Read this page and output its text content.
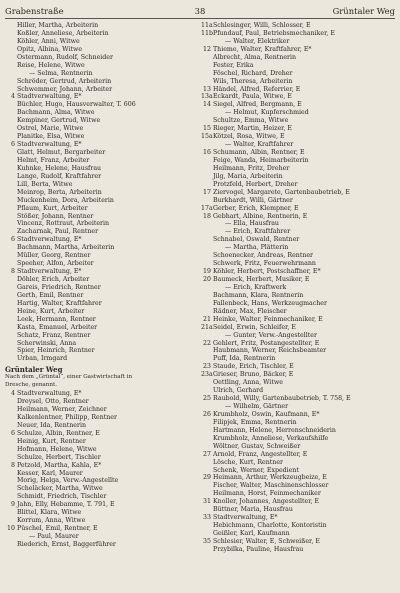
Grabenstraße	38	Grüntaler Weg
Hiller, Martha, Arbeiterin
Koßler, Anneliese, Arbeiterin
Köhler, Anni, Witwe
Opitz, Albina, Witwe
Ostermann, Rudolf, Schneider
Reise, Helene, Witwe
— Selma, Rentnerin
Schröder, Gertrud, Arbeiterin
Schwemmer, Johann, Arbeiter
4 Stadtverwaltung, E*
Büchler, Hugo, Hausverwalter, T. 606
Bachmann, Alma, Witwe
Kempiner, Gertrud, Witwe
Ostrel, Marie, Witwe
Planitke, Elsa, Witwe
6 Stadtverwaltung, E*
Glatt, Helmut, Bergarbeiter
Helmt, Franz, Arbeiter
Kuhnke, Helene, Hausfrau
Lange, Rudolf, Kraftfahrer
Lill, Berta, Witwe
Meinrop, Berta, Arbeiterin
Muckenheim, Dora, Arbeiterin
Pflaum, Kurt, Arbeiter
Stößer, Johann, Rentner
Vincenz, Rottraut, Arbeiterin
Zacharnak, Paul, Rentner
6 Stadtverwaltung, E*
Bachmann, Martha, Arbeiterin
Müller, Georg, Rentner
Speeher, Alfon, Arbeiter
8 Stadtverwaltung, E*
Döhler, Erich, Arbeiter
Gareis, Friedrich, Rentner
Gerth, Emil, Rentner
Hartig, Walter, Kraftfahrer
Heine, Kurt, Arbeiter
Leek, Hermann, Rentner
Kasta, Emanuel, Arbeiter
Schatz, Franz, Rentner
Scherwinski, Anna
Spier, Heinrich, Rentner
Urban, Irmgard
Grüntaler Weg
Nach dem „Grüntal“, einer Gastwirtschaft in
Dresche, genannt.
4 Stadtverwaltung, E*
Dreysel, Otto, Rentner
Heilmann, Werner, Zeichner
Kalkenlentner, Philipp, Rentner
Neuer, Ida, Rentnerin
6 Schulze, Albin, Rentner, E
Heinig, Kurt, Rentner
Hofmann, Helene, Witwe
Schulze, Herbert, Tischler
8 Petzold, Martha, Kahla, E*
Kesser, Karl, Maurer
Morig, Helga, Verw.-Angestellte
Scheläcker, Martha, Witwe
Schmidt, Friedrich, Tischler
9 Jahn, Elly, Hebamme, T. 791, E
Blittel, Klara, Witwe
Korrum, Anna, Witwe
10 Püschel, Emil, Rentner, E
— Paul, Maurer
Riederich, Ernst, Baggerführer
11aSchlesinger, Willi, Schlosser, E
11bPfundauf, Paul, Betriebsmechaniker, E
— Walter, Elektriker
12 Thieme, Walter, Kraftfahrer, E*
Albrecht, Alma, Rentnerin
Fester, Erika
Föschel, Richard, Dreher
Wils, Theresa, Arbeiterin
13 Händel, Alfred, Referrier, E
13aEckardt, Paula, Witwe, E
14 Siegel, Alfred, Bergmann, E
— Helmut, Kupferschmied
Schultze, Emma, Witwe
15 Rieger, Martin, Heizer, E
15aKötzel, Rosa, Witwe, E
— Walter, Kraftfahrer
16 Schumann, Albin, Rentner, E
Feige, Wanda, Heimarbeiterin
Heilmann, Fritz, Dreher
Jilg, Maria, Arbeiterin
Protzfeld, Herbert, Dreher
17 Ziervogel, Margarete, Gartenbaubetrieb, E
Burkhardt, Willi, Gärtner
17aGerber, Erich, Klempner, E
18 Gebhart, Albine, Rentnerin, E
— Ella, Hausfrau
— Erich, Kraftfahrer
Schnabel, Oswald, Rentner
— Martha, Plätterin
Schoenecker, Andreas, Rentner
Schwerk, Fritz, Feuerwehrmann
19 Köhler, Herbert, Postschaffner, E*
20 Baumeck, Herbert, Musiker, E
— Erich, Kraftwerk
Bachmann, Klara, Rentnerin
Fallenbeck, Hans, Werkzeugmacher
Rädner, Max, Fleischer
21 Heinke, Walter, Feinmechaniker, E
21aSeidel, Erwin, Schleifer, E
— Gunter, Verw.-Angestellter
22 Gehlert, Fritz, Postangestellter, E
Haubmann, Werner, Reichsbeamter
Puff, Ida, Rentnerin
23 Staude, Erich, Tischler, E
23aGrieser, Bruno, Bäcker, E
Oettling, Anna, Witwe
Ulrich, Gerhard
25 Raubold, Willy, Gartenbaubetrieb, T. 758, E
— Wilhelm, Gärtner
26 Krumbholz, Oswin, Kaufmann, E*
Filipjek, Emma, Rentnerin
Hartmann, Helene, Herrenschneiderin
Krumbholz, Anneliese, Verkaufshilfe
Wöltner, Gustav, Schweißer
27 Arnold, Franz, Angestellter, E
Lösche, Kurt, Rentner
Schenk, Werner, Expedient
29 Heimann, Arthur, Werkzeugbeize, E
Fischer, Walter, Maschinenschlosser
Heilmann, Horst, Feinmechaniker
31 Knoller, Johannes, Angestellter, E
Büttner, Maria, Hausfrau
33 Stadtverwaltung, E*
Hebichmann, Charlotte, Kontoristin
Geißler, Karl, Kaufmann
35 Schlesier, Walter, E, Schweißer, E
Przybilka, Pauline, Hausfrau
